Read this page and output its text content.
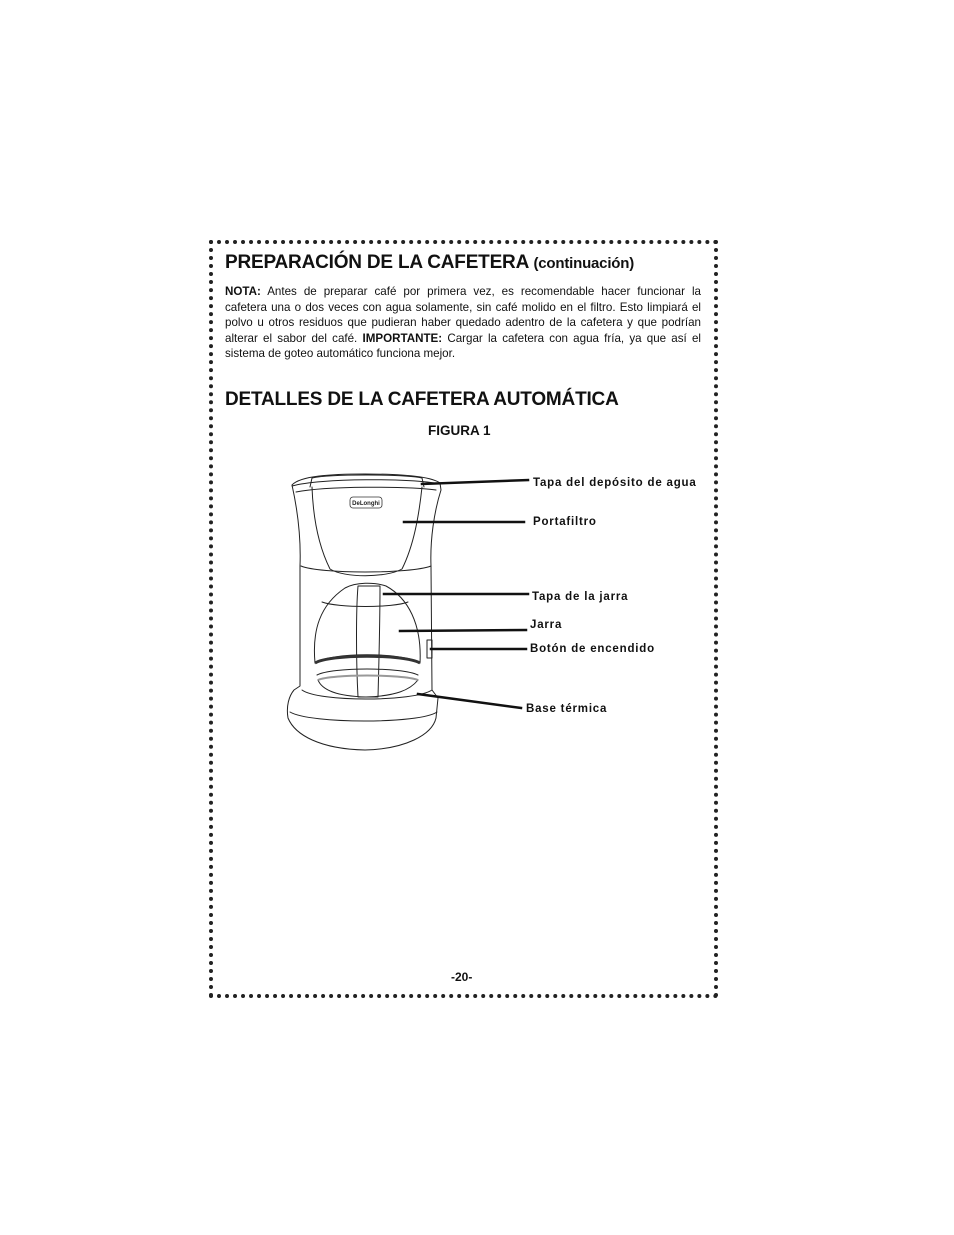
PREPARACIÓN DE LA CAFETERA (continuación)
NOTA: Antes de preparar café por primera vez, es recomendable hacer funcionar la cafetera una o dos veces con agua solamente, sin café molido en el filtro. Esto limpiará el polvo u otros residuos que pudieran haber quedado adentro de la cafetera y que podrían alterar el sabor del café. IMPORTANTE: Cargar la cafetera con agua fría, ya que así el sistema de goteo automático funciona mejor.
DETALLES DE LA CAFETERA AUTOMÁTICA
FIGURA 1
DeLonghi
Tapa del depósito de agua
Portafiltro
Tapa de la jarra
Jarra
Botón de encendido
Base térmica
-20-
